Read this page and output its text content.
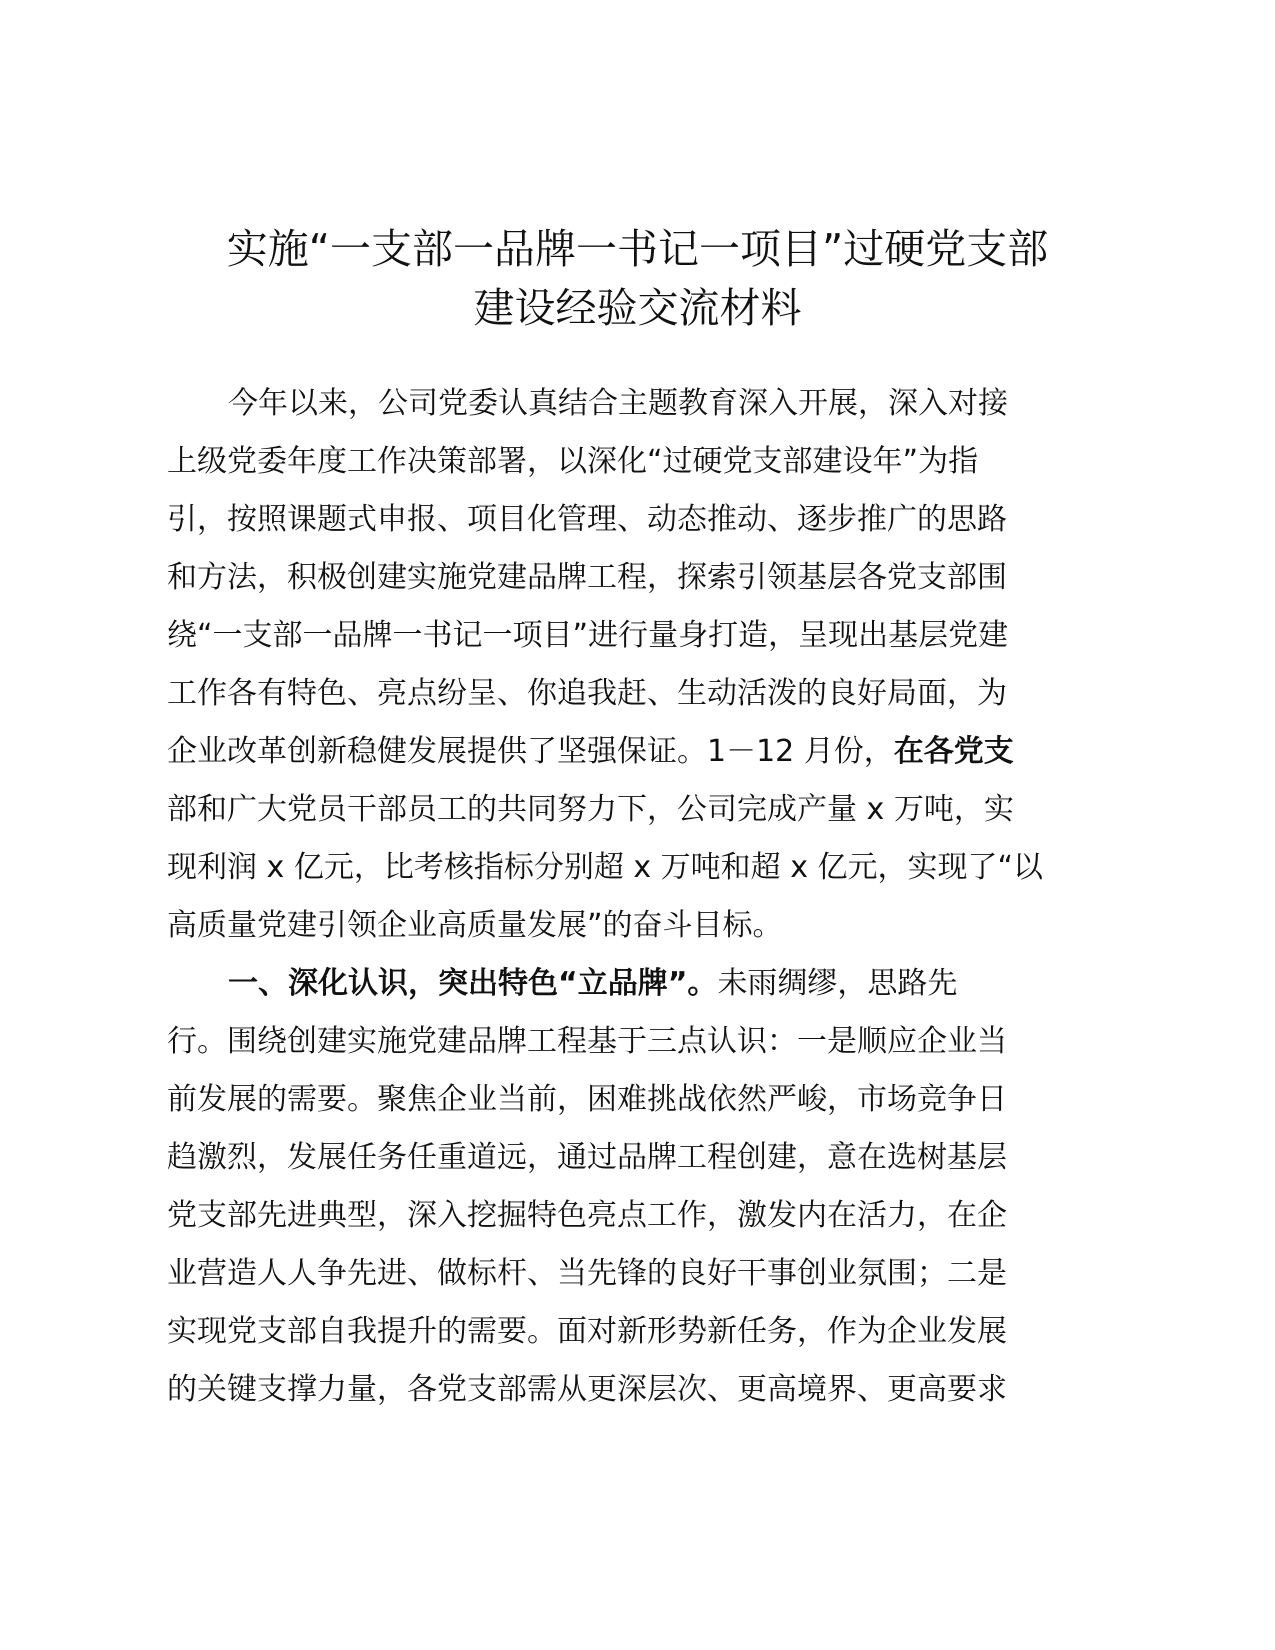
实施“一支部一品牌一书记一项目”过硬党支部
建设经验交流材料
今年以来，公司党委认真结合主题教育深入开展，深入对接
上级党委年度工作决策部署，以深化“过硬党支部建设年”为指
引，按照课题式申报、项目化管理、动态推动、逐步推广的思路
和方法，积极创建实施党建品牌工程，探索引领基层各党支部围
绕“一支部一品牌一书记一项目”进行量身打造，呈现出基层党建
工作各有特色、亮点纷呈、你追我赶、生动活泼的良好局面，为
企业改革创新稳健发展提供了坚强保证。1－12 月份，在各党支
部和广大党员干部员工的共同努力下，公司完成产量 x 万吨，实
现利润 x 亿元，比考核指标分别超 x 万吨和超 x 亿元，实现了“以
高质量党建引领企业高质量发展”的奋斗目标。
一、深化认识，突出特色“立品牌”。未雨绸缪，思路先
行。围绕创建实施党建品牌工程基于三点认识：一是顺应企业当
前发展的需要。聚焦企业当前，困难挑战依然严峻，市场竞争日
趋激烈，发展任务任重道远，通过品牌工程创建，意在选树基层
党支部先进典型，深入挖掘特色亮点工作，激发内在活力，在企
业营造人人争先进、做标杆、当先锋的良好干事创业氛围；二是
实现党支部自我提升的需要。面对新形势新任务，作为企业发展
的关键支撑力量，各党支部需从更深层次、更高境界、更高要求
